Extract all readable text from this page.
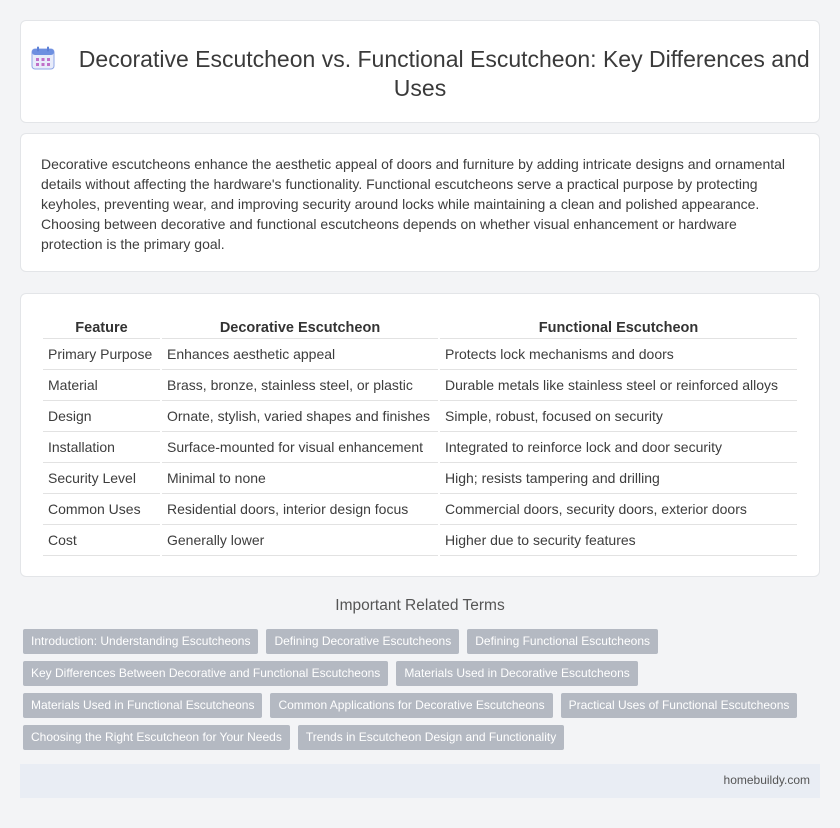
Decorative Escutcheon vs. Functional Escutcheon: Key Differences and Uses

Decorative escutcheons enhance the aesthetic appeal of doors and furniture by adding intricate designs and ornamental details without affecting the hardware's functionality. Functional escutcheons serve a practical purpose by protecting keyholes, preventing wear, and improving security around locks while maintaining a clean and polished appearance. Choosing between decorative and functional escutcheons depends on whether visual enhancement or hardware protection is the primary goal.

Feature	Decorative Escutcheon	Functional Escutcheon
Primary Purpose	Enhances aesthetic appeal	Protects lock mechanisms and doors
Material	Brass, bronze, stainless steel, or plastic	Durable metals like stainless steel or reinforced alloys
Design	Ornate, stylish, varied shapes and finishes	Simple, robust, focused on security
Installation	Surface-mounted for visual enhancement	Integrated to reinforce lock and door security
Security Level	Minimal to none	High; resists tampering and drilling
Common Uses	Residential doors, interior design focus	Commercial doors, security doors, exterior doors
Cost	Generally lower	Higher due to security features
Important Related Terms
Introduction: Understanding Escutcheons	Defining Decorative Escutcheons	Defining Functional Escutcheons
Key Differences Between Decorative and Functional Escutcheons	Materials Used in Decorative Escutcheons
Materials Used in Functional Escutcheons	Common Applications for Decorative Escutcheons	Practical Uses of Functional Escutcheons
Choosing the Right Escutcheon for Your Needs	Trends in Escutcheon Design and Functionality
homebuildy.com
